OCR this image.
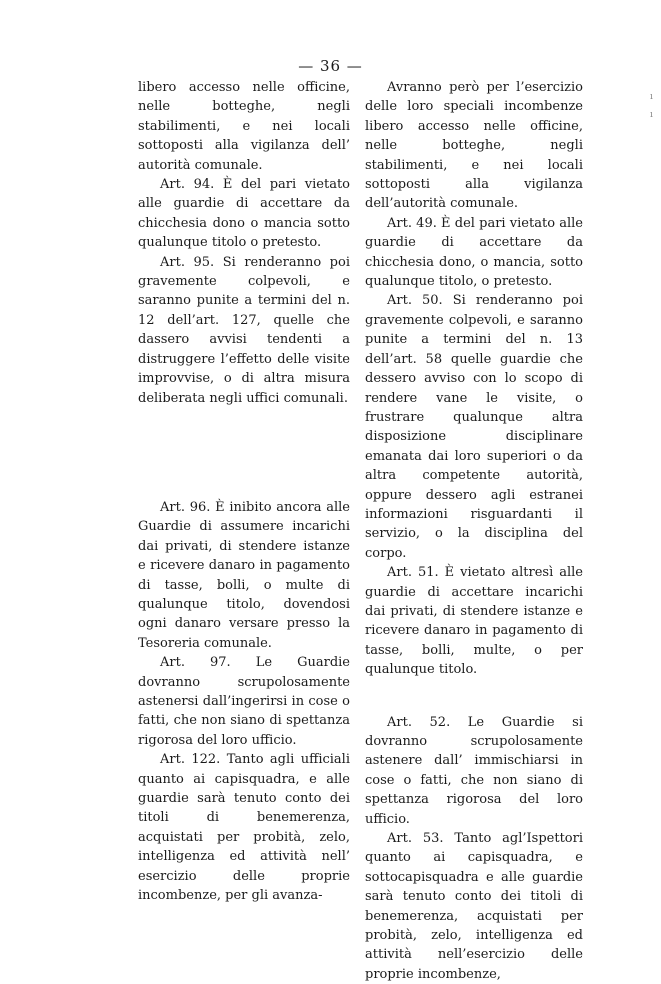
— 36 —

libero accesso nelle officine, nelle botteghe, negli stabilimenti, e nei locali sottoposti alla vigilanza dell’ autorità comunale.

Art. 94. È del pari vietato alle guardie di accettare da chicchesia dono o mancia sotto qualunque titolo o pretesto.

Art. 95. Si renderanno poi gravemente colpevoli, e saranno punite a termini del n. 12 dell’art. 127, quelle che dassero avvisi tendenti a distruggere l’effetto delle visite improvvise, o di altra misura deliberata negli uffici comunali.

Art. 96. È inibito ancora alle Guardie di assumere incarichi dai privati, di stendere istanze e ricevere danaro in pagamento di tasse, bolli, o multe di qualunque titolo, dovendosi ogni danaro versare presso la Tesoreria comunale.

Art. 97. Le Guardie dovranno scrupolosamente astenersi dall’ingerirsi in cose o fatti, che non siano di spettanza rigorosa del loro ufficio.

Art. 122. Tanto agli ufficiali quanto ai capisquadra, e alle guardie sarà tenuto conto dei titoli di benemerenza, acquistati per probità, zelo, intelligenza ed attività nell’ esercizio delle proprie incombenze, per gli avanza-

Avranno però per l’esercizio delle loro speciali incombenze libero accesso nelle officine, nelle botteghe, negli stabilimenti, e nei locali sottoposti alla vigilanza dell’autorità comunale.

Art. 49. È del pari vietato alle guardie di accettare da chicchesia dono, o mancia, sotto qualunque titolo, o pretesto.

Art. 50. Si renderanno poi gravemente colpevoli, e saranno punite a termini del n. 13 dell’art. 58 quelle guardie che dessero avviso con lo scopo di rendere vane le visite, o frustrare qualunque altra disposizione disciplinare emanata dai loro superiori o da altra competente autorità, oppure dessero agli estranei informazioni risguardanti il servizio, o la disciplina del corpo.

Art. 51. È vietato altresì alle guardie di accettare incarichi dai privati, di stendere istanze e ricevere danaro in pagamento di tasse, bolli, multe, o per qualunque titolo.

Art. 52. Le Guardie si dovranno scrupolosamente astenere dall’ immischiarsi in cose o fatti, che non siano di spettanza rigorosa del loro ufficio.

Art. 53. Tanto agl’Ispettori quanto ai capisquadra, e sottocapisquadra e alle guardie sarà tenuto conto dei titoli di benemerenza, acquistati per probità, zelo, intelligenza ed attività nell’esercizio delle proprie incombenze,

ı
ı
